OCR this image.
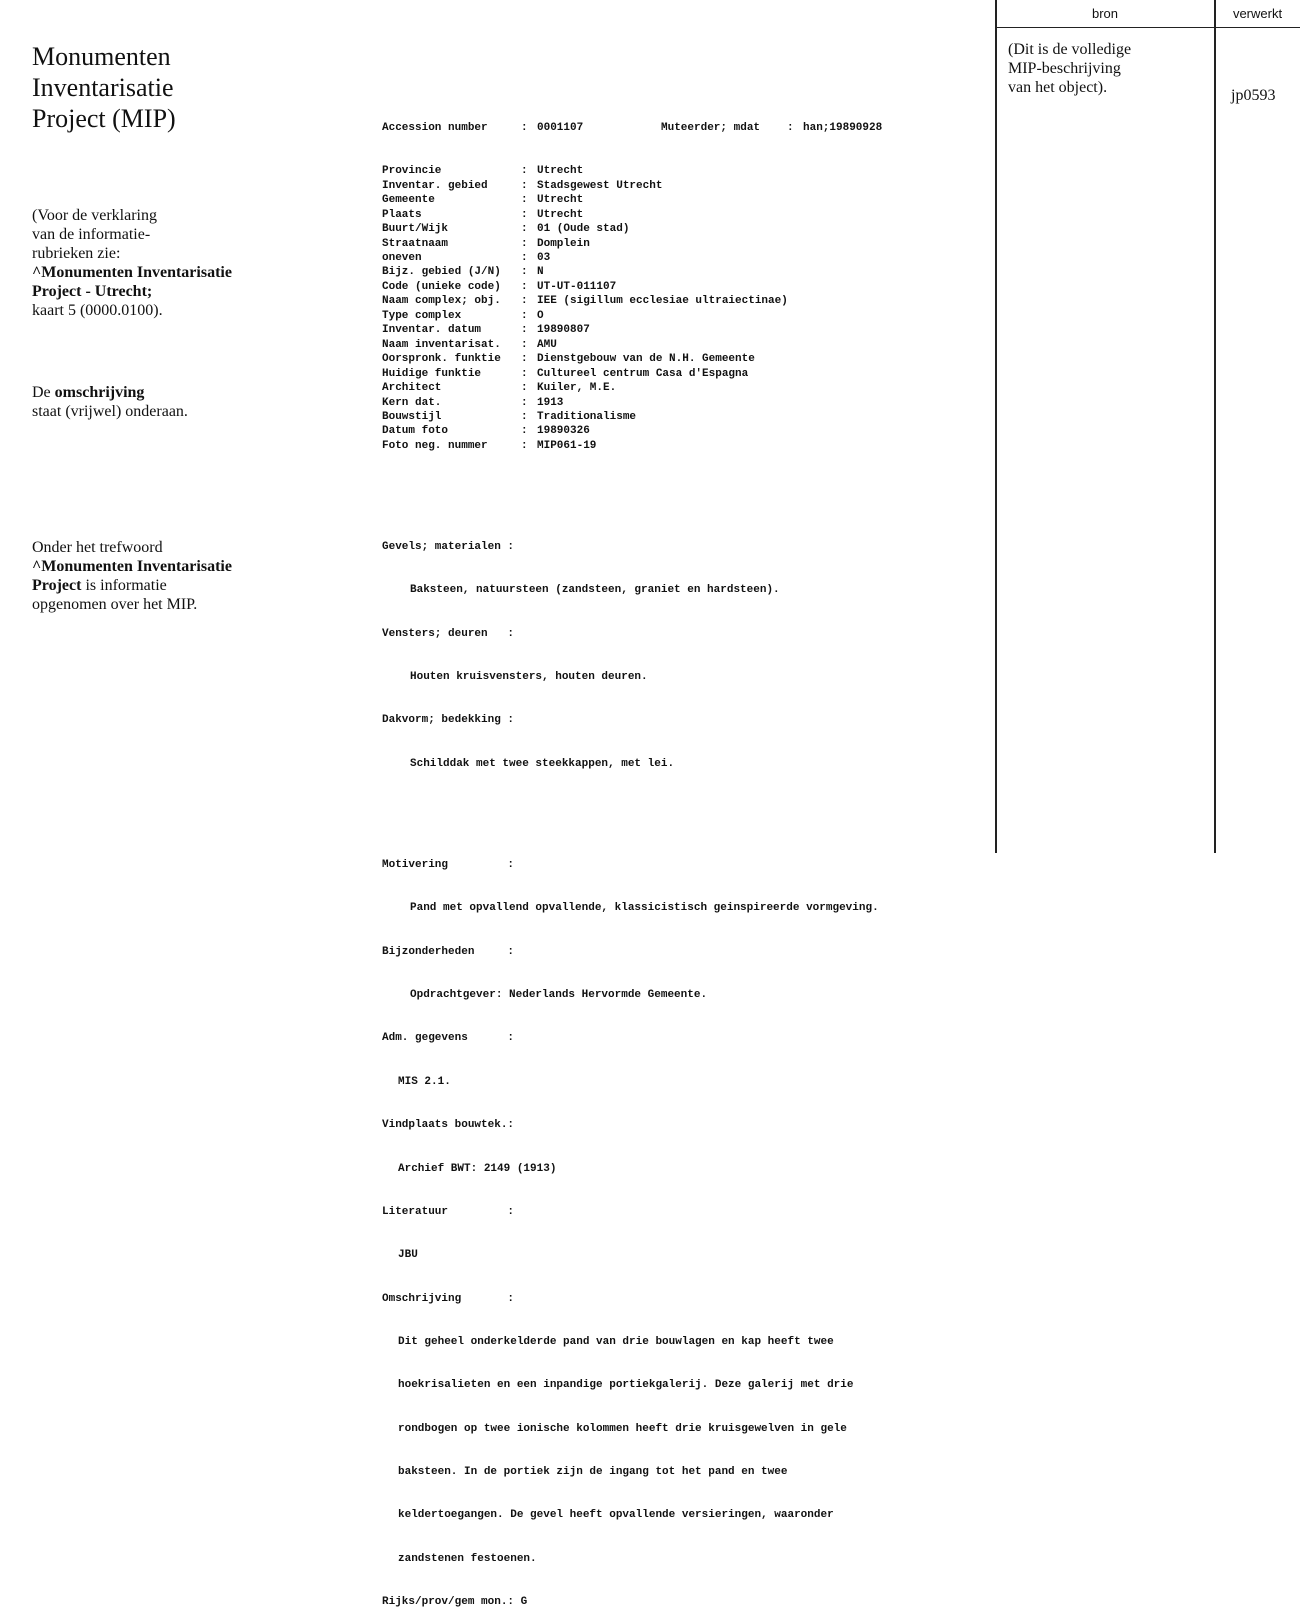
Monumenten
Inventarisatie
Project (MIP)
(Voor de verklaring
van de informatie-
rubrieken zie:
^Monumenten Inventarisatie
Project - Utrecht;
kaart 5 (0000.0100).
De omschrijving
staat (vrijwel) onderaan.
Onder het trefwoord
^Monumenten Inventarisatie
Project is informatie
opgenomen over het MIP.

Accession number	: 0001107	Muteerder; mdat : han;19890928

Provincie	: Utrecht
Inventar. gebied	: Stadsgewest Utrecht
Gemeente	: Utrecht
Plaats	: Utrecht
Buurt/Wijk	: 01 (Oude stad)
Straatnaam	: Domplein
oneven	: 03
Bijz. gebied (J/N) : N
Code (unieke code) : UT-UT-011107
Naam complex; obj. : IEE (sigillum ecclesiae ultraiectinae)
Type complex	: O
Inventar. datum	: 19890807
Naam inventarisat. : AMU
Oorspronk. funktie : Dienstgebouw van de N.H. Gemeente
Huidige funktie	: Cultureel centrum Casa d'Espagna
Architect	: Kuiler, M.E.
Kern dat.	: 1913
Bouwstijl	: Traditionalisme
Datum foto	: 19890326
Foto neg. nummer	: MIP061-19

Gevels; materialen :

Baksteen, natuursteen (zandsteen, graniet en hardsteen).

Vensters; deuren   :

Houten kruisvensters, houten deuren.

Dakvorm; bedekking :

Schilddak met twee steekkappen, met lei.

Motivering         :

Pand met opvallend opvallende, klassicistisch geinspireerde vormgeving.

Bijzonderheden     :

Opdrachtgever: Nederlands Hervormde Gemeente.

Adm. gegevens      :

MIS 2.1.

Vindplaats bouwtek.:

Archief BWT: 2149 (1913)

Literatuur         :

JBU

Omschrijving       :

Dit geheel onderkelderde pand van drie bouwlagen en kap heeft twee

hoekrisalieten en een inpandige portiekgalerij. Deze galerij met drie

rondbogen op twee ionische kolommen heeft drie kruisgewelven in gele

baksteen. In de portiek zijn de ingang tot het pand en twee

keldertoegangen. De gevel heeft opvallende versieringen, waaronder

zandstenen festoenen.

Rijks/prov/gem mon.: G

bron	verwerkt
(Dit is de volledige
MIP-beschrijving
van het object).	jp0593
